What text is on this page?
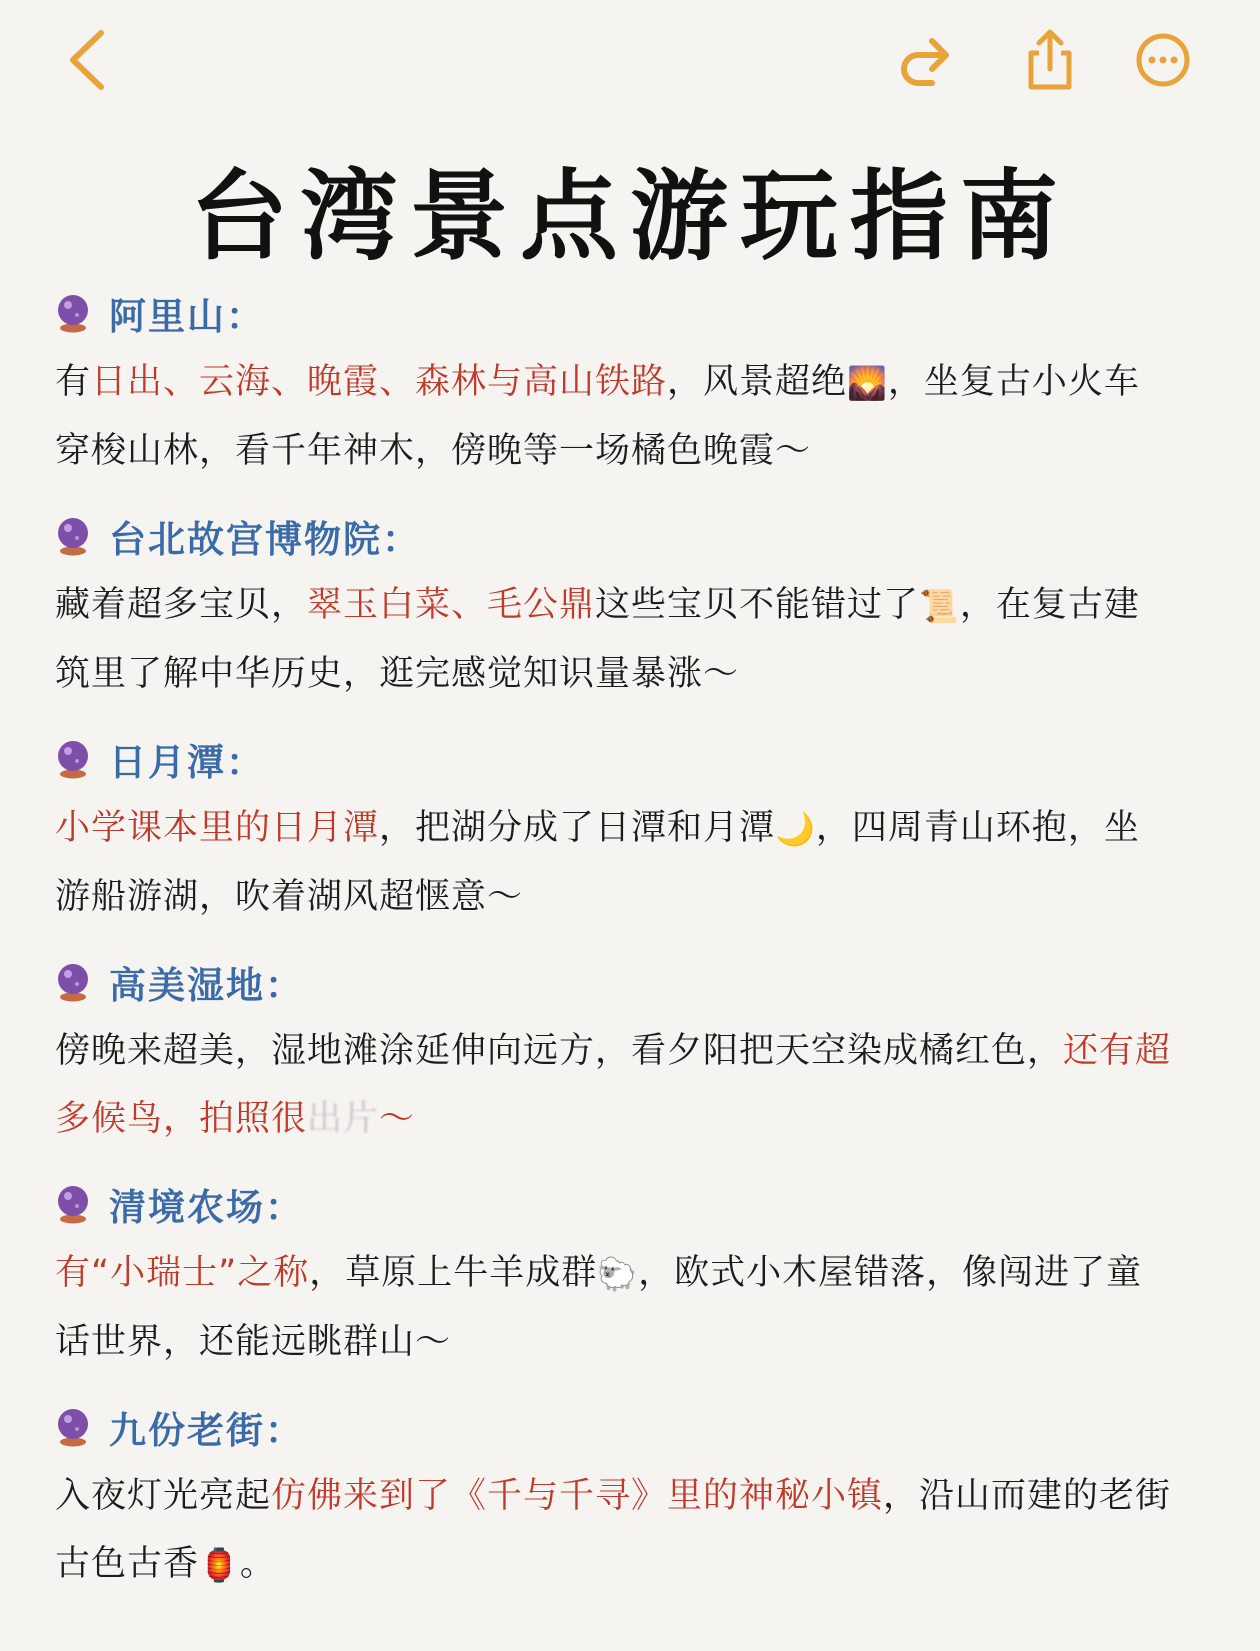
台湾景点游玩指南
阿里山：
有日出、云海、晚霞、森林与高山铁路，风景超绝🌄，坐复古小火车穿梭山林，看千年神木，傍晚等一场橘色晚霞～
台北故宫博物院：
藏着超多宝贝，翠玉白菜、毛公鼎这些宝贝不能错过了📜，在复古建筑里了解中华历史，逛完感觉知识量暴涨～
日月潭：
小学课本里的日月潭，把湖分成了日潭和月潭🌙，四周青山环抱，坐游船游湖，吹着湖风超惬意～
高美湿地：
傍晚来超美，湿地滩涂延伸向远方，看夕阳把天空染成橘红色，还有超多候鸟，拍照很出片～
清境农场：
有“小瑞士”之称，草原上牛羊成群🐑，欧式小木屋错落，像闯进了童话世界，还能远眺群山～
九份老街：
入夜灯光亮起仿佛来到了《千与千寻》里的神秘小镇，沿山而建的老街古色古香🏮。
